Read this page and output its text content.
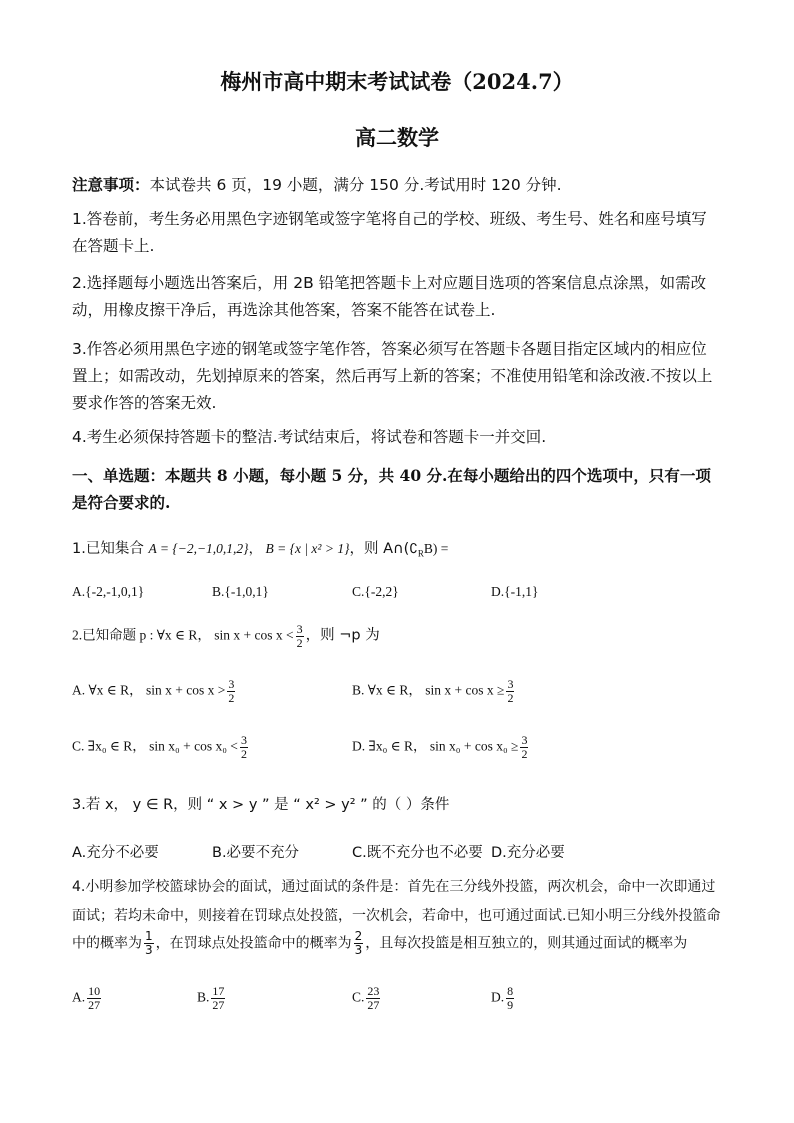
梅州市高中期末考试试卷（2024.7）
高二数学
注意事项：本试卷共 6 页，19 小题，满分 150 分.考试用时 120 分钟.
1.答卷前，考生务必用黑色字迹钢笔或签字笔将自己的学校、班级、考生号、姓名和座号填写在答题卡上.
2.选择题每小题选出答案后，用 2B 铅笔把答题卡上对应题目选项的答案信息点涂黑，如需改动，用橡皮擦干净后，再选涂其他答案，答案不能答在试卷上.
3.作答必须用黑色字迹的钢笔或签字笔作答，答案必须写在答题卡各题目指定区域内的相应位置上；如需改动，先划掉原来的答案，然后再写上新的答案；不准使用铅笔和涂改液.不按以上要求作答的答案无效.
4.考生必须保持答题卡的整洁.考试结束后，将试卷和答题卡一并交回.
一、单选题：本题共 8 小题，每小题 5 分，共 40 分.在每小题给出的四个选项中，只有一项是符合要求的.
1.已知集合 A = {−2,−1,0,1,2}， B = {x | x² > 1}，则 $A\cap(∁_RB)$ =
A.{-2,-1,0,1}	B.{-1,0,1}	C.{-2,2}	D.{-1,1}
2.已知命题 p : ∀x ∈ R， $\sin x + \cos x < \frac{3}{2}$ ，则 ¬p 为
A. ∀x ∈ R， $\sin x + \cos x > \frac{3}{2}$	B. ∀x ∈ R， $\sin x + \cos x \ge \frac{3}{2}$
C. ∃x₀ ∈ R， $\sin x_0 + \cos x_0 < \frac{3}{2}$	D. ∃x₀ ∈ R， $\sin x_0 + \cos x_0 \ge \frac{3}{2}$
3.若 x， y ∈ R，则 “ x > y ” 是 “ x² > y² ” 的（ ）条件
A.充分不必要	B.必要不充分	C.既不充分也不必要 D.充分必要
4.小明参加学校篮球协会的面试，通过面试的条件是：首先在三分线外投篮，两次机会，命中一次即通过
面试；若均未命中，则接着在罚球点处投篮，一次机会，若命中，也可通过面试.已知小明三分线外投篮命
中的概率为 $\frac{1}{3}$ ，在罚球点处投篮命中的概率为 $\frac{2}{3}$ ，且每次投篮是相互独立的，则其通过面试的概率为
A. $\frac{10}{27}$	B. $\frac{17}{27}$	C. $\frac{23}{27}$	D. $\frac{8}{9}$
